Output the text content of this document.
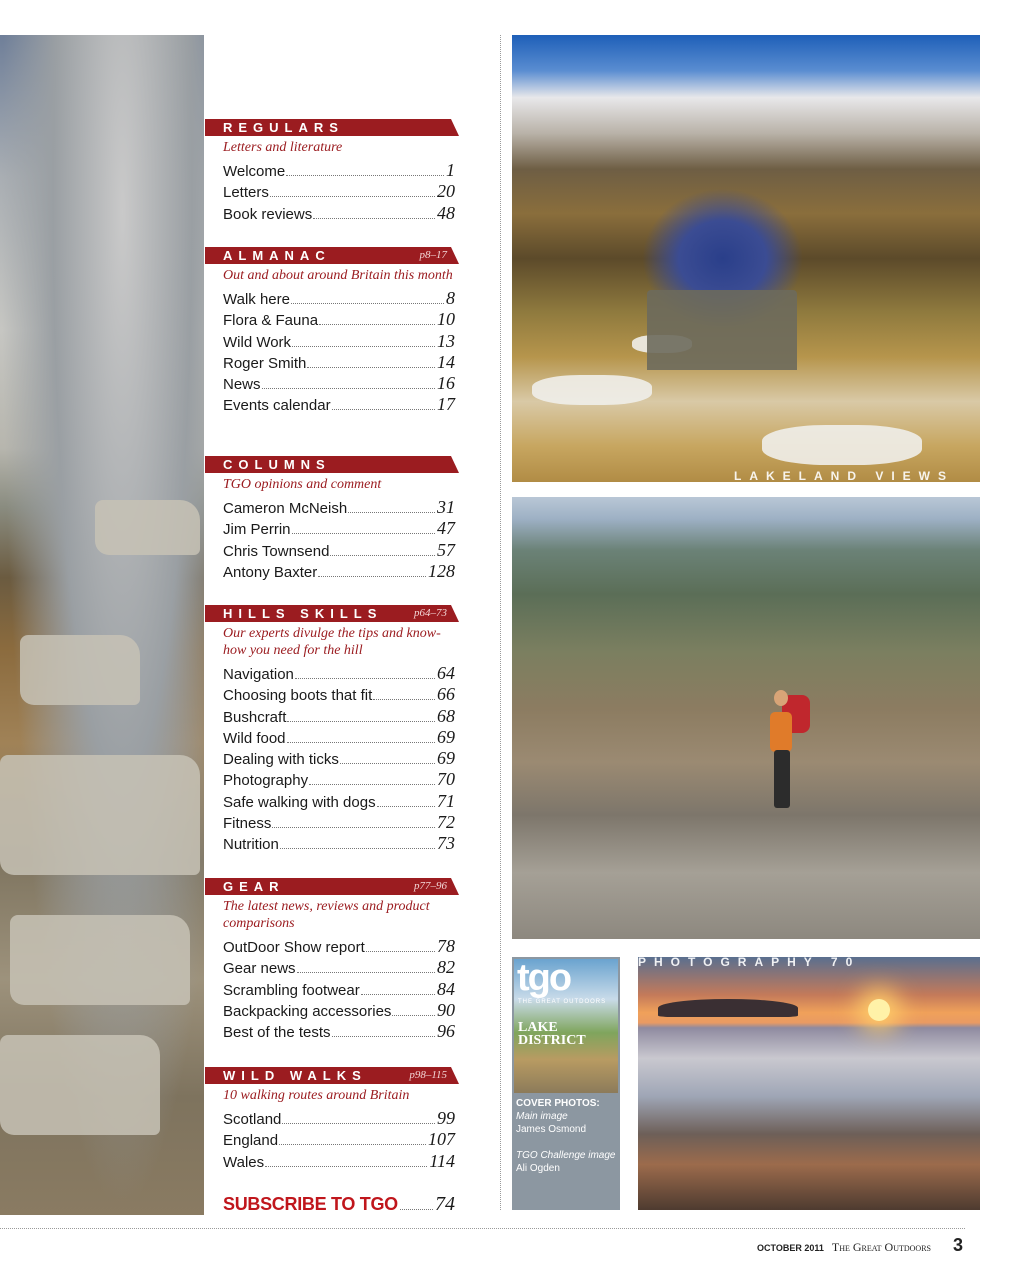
REGULARS
Letters and literature
Welcome	1
Letters	20
Book reviews	48
ALMANAC	p8–17
Out and about around Britain this month
Walk here	8
Flora & Fauna	10
Wild Work	13
Roger Smith	14
News	16
Events calendar	17
COLUMNS
TGO opinions and comment
Cameron McNeish	31
Jim Perrin	47
Chris Townsend	57
Antony Baxter	128
HILLS SKILLS	p64–73
Our experts divulge the tips and know-how you need for the hill
Navigation	64
Choosing boots that fit	66
Bushcraft	68
Wild food	69
Dealing with ticks	69
Photography	70
Safe walking with dogs	71
Fitness	72
Nutrition	73
GEAR	p77–96
The latest news, reviews and product comparisons
OutDoor Show report	78
Gear news	82
Scrambling footwear	84
Backpacking accessories	90
Best of the tests	96
WILD WALKS	p98–115
10 walking routes around Britain
Scotland	99
England	107
Wales	114
SUBSCRIBE TO TGO 74
LAKELAND VIEWS 22
tgo
THE GREAT OUTDOORS
LAKE DISTRICT
COVER PHOTOS:
Main image
James Osmond
TGO Challenge image
Ali Ogden
PHOTOGRAPHY 70
OCTOBER 2011 The Great Outdoors 3
